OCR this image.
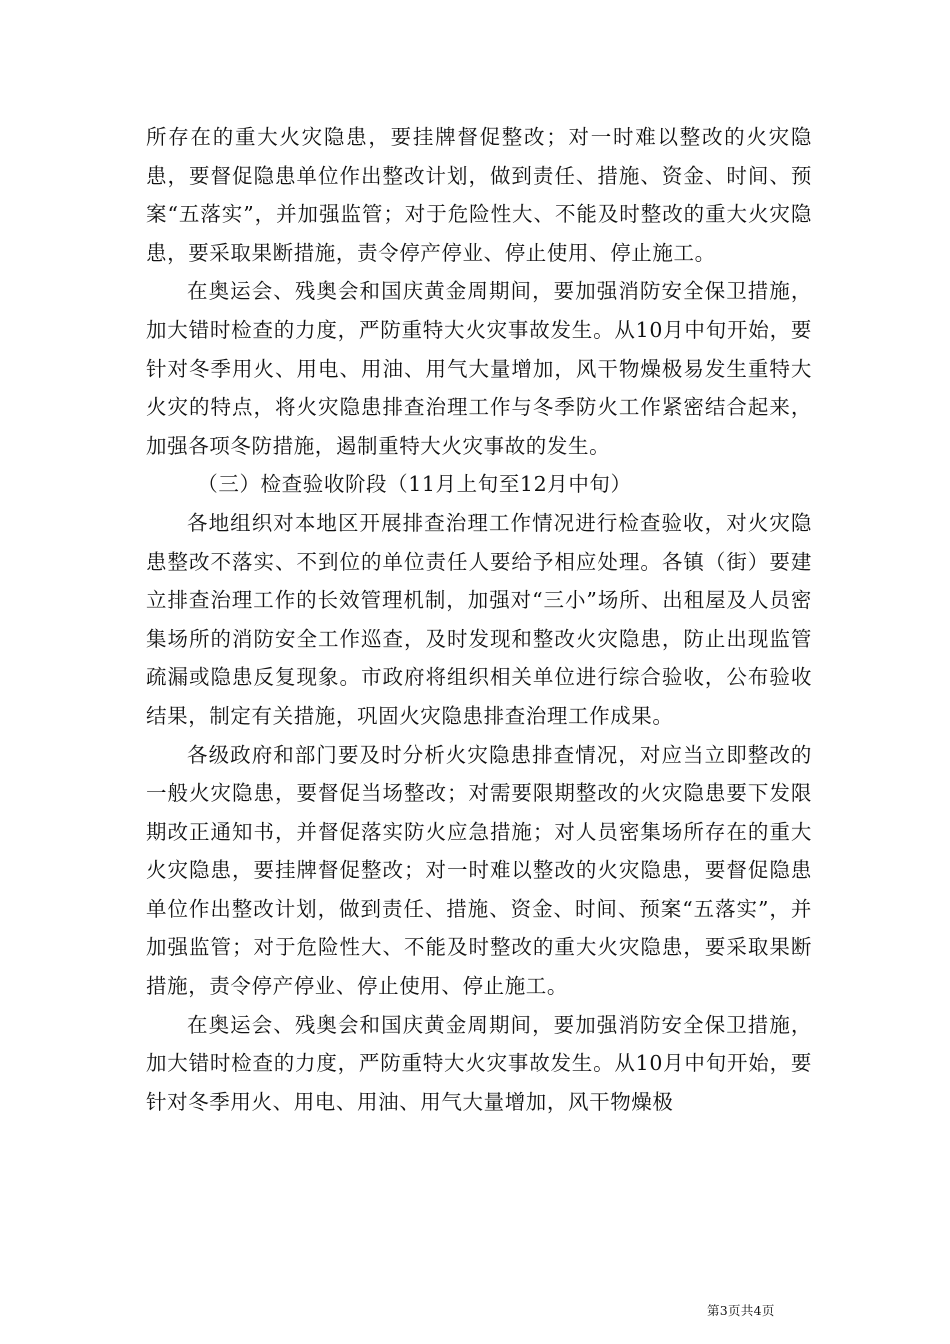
所存在的重大火灾隐患，要挂牌督促整改；对一时难以整改的火灾隐患，要督促隐患单位作出整改计划，做到责任、措施、资金、时间、预案“五落实”，并加强监管；对于危险性大、不能及时整改的重大火灾隐患，要采取果断措施，责令停产停业、停止使用、停止施工。

在奥运会、残奥会和国庆黄金周期间，要加强消防安全保卫措施，加大错时检查的力度，严防重特大火灾事故发生。从10月中旬开始，要针对冬季用火、用电、用油、用气大量增加，风干物燥极易发生重特大火灾的特点，将火灾隐患排查治理工作与冬季防火工作紧密结合起来，加强各项冬防措施，遏制重特大火灾事故的发生。

（三）检查验收阶段（11月上旬至12月中旬）

各地组织对本地区开展排查治理工作情况进行检查验收，对火灾隐患整改不落实、不到位的单位责任人要给予相应处理。各镇（街）要建立排查治理工作的长效管理机制，加强对“三小”场所、出租屋及人员密集场所的消防安全工作巡查，及时发现和整改火灾隐患，防止出现监管疏漏或隐患反复现象。市政府将组织相关单位进行综合验收，公布验收结果，制定有关措施，巩固火灾隐患排查治理工作成果。

各级政府和部门要及时分析火灾隐患排查情况，对应当立即整改的一般火灾隐患，要督促当场整改；对需要限期整改的火灾隐患要下发限期改正通知书，并督促落实防火应急措施；对人员密集场所存在的重大火灾隐患，要挂牌督促整改；对一时难以整改的火灾隐患，要督促隐患单位作出整改计划，做到责任、措施、资金、时间、预案“五落实”，并加强监管；对于危险性大、不能及时整改的重大火灾隐患，要采取果断措施，责令停产停业、停止使用、停止施工。

在奥运会、残奥会和国庆黄金周期间，要加强消防安全保卫措施，加大错时检查的力度，严防重特大火灾事故发生。从10月中旬开始，要针对冬季用火、用电、用油、用气大量增加，风干物燥极

第3页共4页
